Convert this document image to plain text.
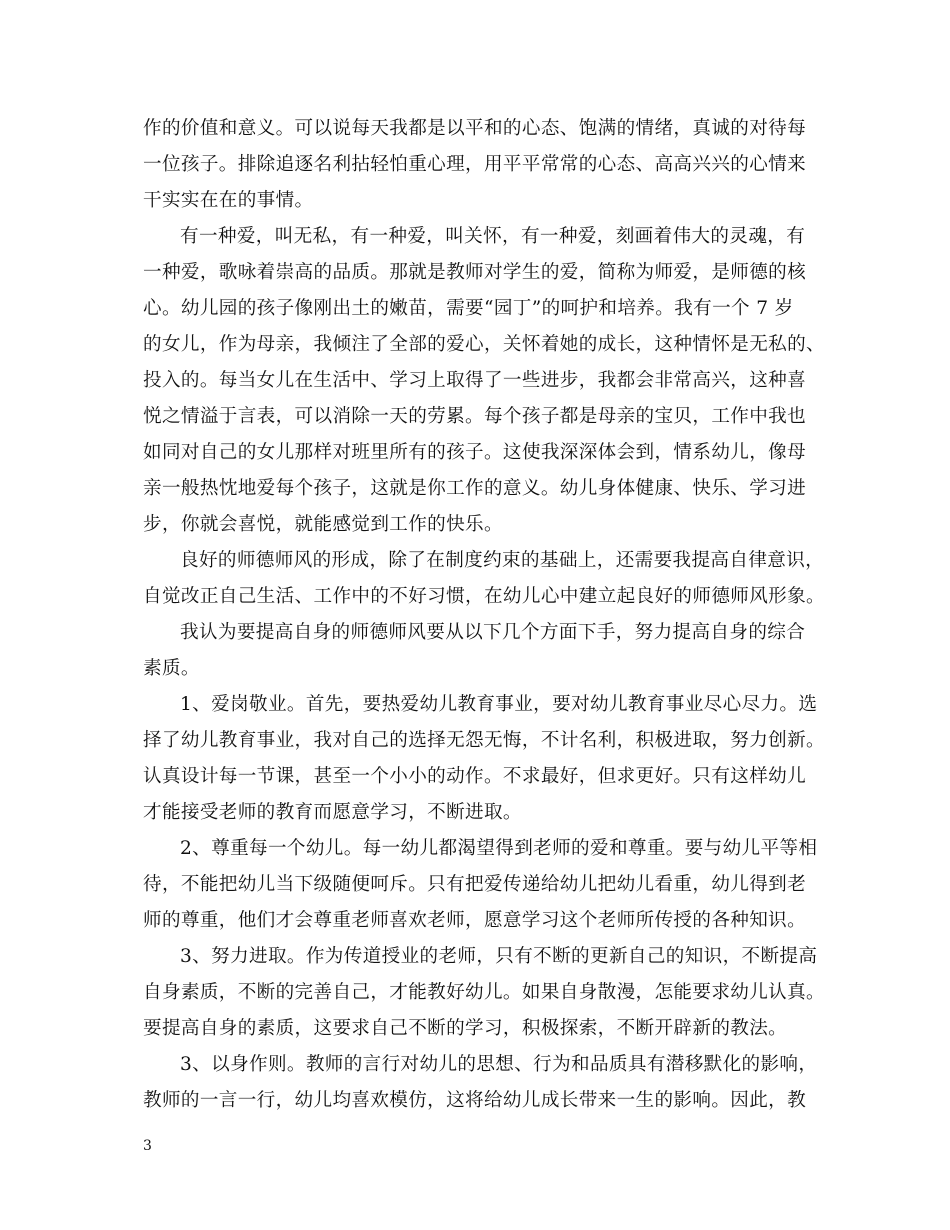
作的价值和意义。可以说每天我都是以平和的心态、饱满的情绪，真诚的对待每
一位孩子。排除追逐名利拈轻怕重心理，用平平常常的心态、高高兴兴的心情来
干实实在在的事情。
有一种爱，叫无私，有一种爱，叫关怀，有一种爱，刻画着伟大的灵魂，有
一种爱，歌咏着崇高的品质。那就是教师对学生的爱，简称为师爱，是师德的核
心。幼儿园的孩子像刚出土的嫩苗，需要“园丁”的呵护和培养。我有一个 7 岁
的女儿，作为母亲，我倾注了全部的爱心，关怀着她的成长，这种情怀是无私的、
投入的。每当女儿在生活中、学习上取得了一些进步，我都会非常高兴，这种喜
悦之情溢于言表，可以消除一天的劳累。每个孩子都是母亲的宝贝，工作中我也
如同对自己的女儿那样对班里所有的孩子。这使我深深体会到，情系幼儿，像母
亲一般热忱地爱每个孩子，这就是你工作的意义。幼儿身体健康、快乐、学习进
步，你就会喜悦，就能感觉到工作的快乐。
良好的师德师风的形成，除了在制度约束的基础上，还需要我提高自律意识，
自觉改正自己生活、工作中的不好习惯，在幼儿心中建立起良好的师德师风形象。
我认为要提高自身的师德师风要从以下几个方面下手，努力提高自身的综合
素质。
1、爱岗敬业。首先，要热爱幼儿教育事业，要对幼儿教育事业尽心尽力。选
择了幼儿教育事业，我对自己的选择无怨无悔，不计名利，积极进取，努力创新。
认真设计每一节课，甚至一个小小的动作。不求最好，但求更好。只有这样幼儿
才能接受老师的教育而愿意学习，不断进取。
2、尊重每一个幼儿。每一幼儿都渴望得到老师的爱和尊重。要与幼儿平等相
待，不能把幼儿当下级随便呵斥。只有把爱传递给幼儿把幼儿看重，幼儿得到老
师的尊重，他们才会尊重老师喜欢老师，愿意学习这个老师所传授的各种知识。
3、努力进取。作为传道授业的老师，只有不断的更新自己的知识，不断提高
自身素质，不断的完善自己，才能教好幼儿。如果自身散漫，怎能要求幼儿认真。
要提高自身的素质，这要求自己不断的学习，积极探索，不断开辟新的教法。
3、以身作则。教师的言行对幼儿的思想、行为和品质具有潜移默化的影响，
教师的一言一行，幼儿均喜欢模仿，这将给幼儿成长带来一生的影响。因此，教
3
